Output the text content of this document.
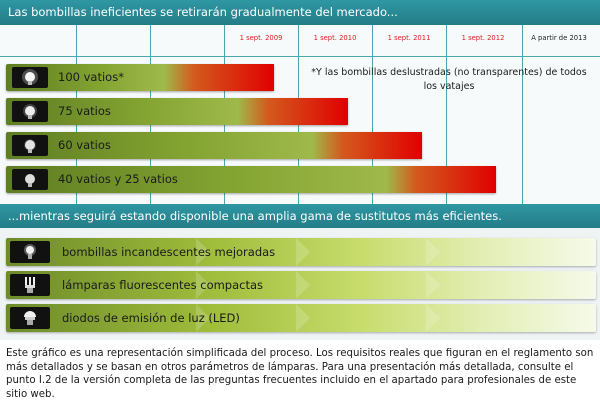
Las bombillas ineficientes se retirarán gradualmente del mercado...
1 sept. 2009	1 sept. 2010	1 sept. 2011	1 sept. 2012	A partir de 2013
100 vatios*
75 vatios
60 vatios
40 vatios y 25 vatios
*Y las bombillas deslustradas (no transparentes) de todos los vatajes
...mientras seguirá estando disponible una amplia gama de sustitutos más eficientes.
bombillas incandescentes mejoradas
lámparas fluorescentes compactas
diodos de emisión de luz (LED)
Este gráfico es una representación simplificada del proceso. Los requisitos reales que figuran en el reglamento son más detallados y se basan en otros parámetros de lámparas. Para una presentación más detallada, consulte el punto I.2 de la versión completa de las preguntas frecuentes incluido en el apartado para profesionales de este sitio web.
